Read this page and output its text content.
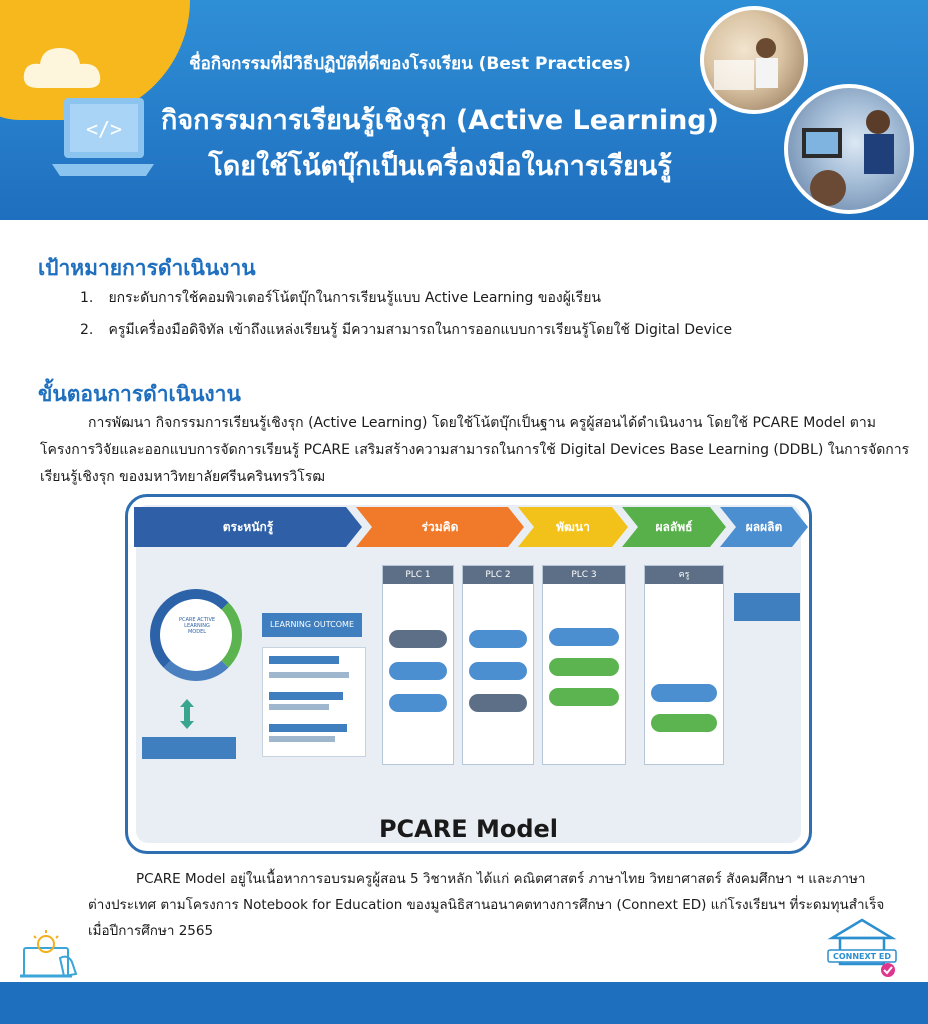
</>
ชื่อกิจกรรมที่มีวิธีปฏิบัติที่ดีของโรงเรียน (Best Practices)
กิจกรรมการเรียนรู้เชิงรุก (Active Learning)
โดยใช้โน้ตบุ๊กเป็นเครื่องมือในการเรียนรู้
เป้าหมายการดำเนินงาน
1. ยกระดับการใช้คอมพิวเตอร์โน้ตบุ๊กในการเรียนรู้แบบ Active Learning ของผู้เรียน
2. ครูมีเครื่องมือดิจิทัล เข้าถึงแหล่งเรียนรู้ มีความสามารถในการออกแบบการเรียนรู้โดยใช้ Digital Device
ขั้นตอนการดำเนินงาน

การพัฒนา กิจกรรมการเรียนรู้เชิงรุก (Active Learning) โดยใช้โน้ตบุ๊กเป็นฐาน ครูผู้สอนได้ดำเนินงาน โดยใช้ PCARE Model ตามโครงการวิจัยและออกแบบการจัดการเรียนรู้ PCARE เสริมสร้างความสามารถในการใช้ Digital Devices Base Learning (DDBL) ในการจัดการเรียนรู้เชิงรุก ของมหาวิทยาลัยศรีนครินทรวิโรฒ

ตระหนักรู้	ร่วมคิด	พัฒนา	ผลลัพธ์	ผลผลิต
PCARE ACTIVE LEARNING MODEL
LEARNING OUTCOME
PLC 1	PLC 2	PLC 3	ครู
PCARE Model

PCARE Model อยู่ในเนื้อหาการอบรมครูผู้สอน 5 วิชาหลัก ได้แก่ คณิตศาสตร์ ภาษาไทย วิทยาศาสตร์ สังคมศึกษา ฯ และภาษาต่างประเทศ ตามโครงการ Notebook for Education ของมูลนิธิสานอนาคตทางการศึกษา (Connext ED) แก่โรงเรียนฯ ที่ระดมทุนสำเร็จ เมื่อปีการศึกษา 2565

CONNEXT ED
